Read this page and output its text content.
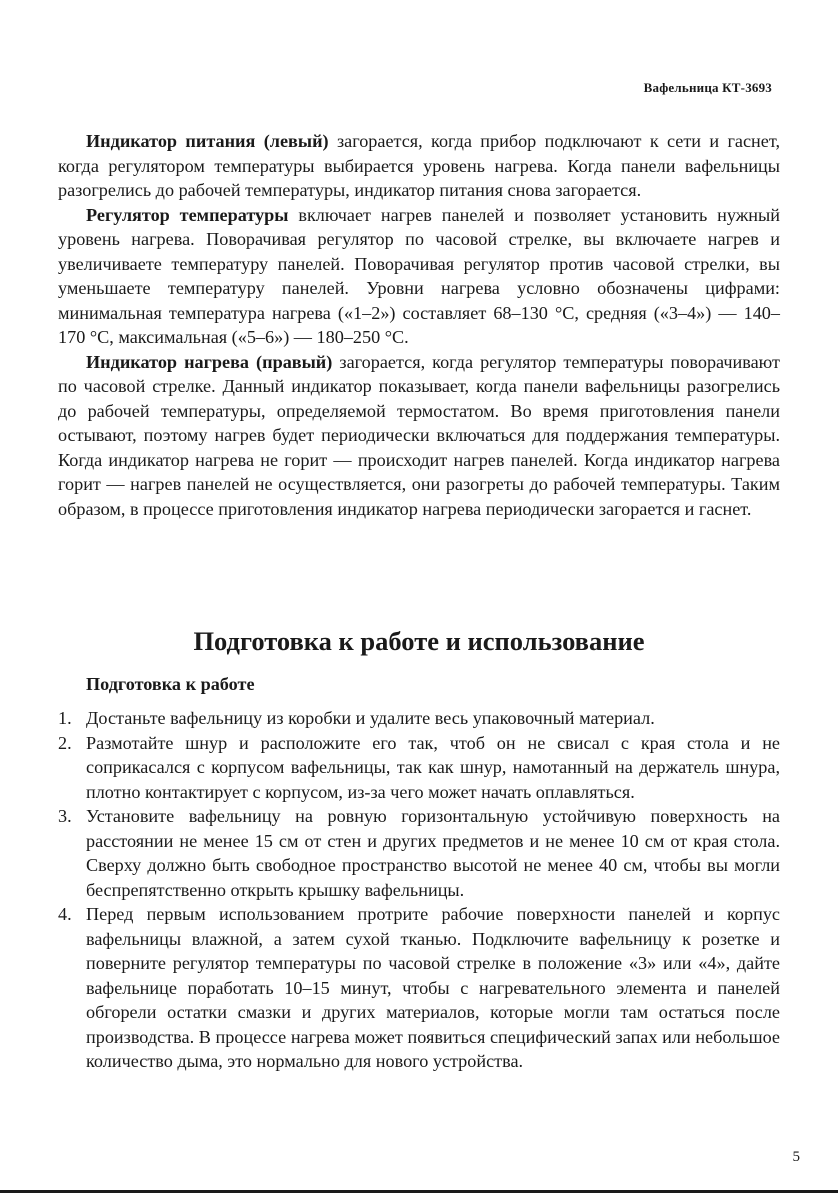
Вафельница КТ-3693

Индикатор питания (левый) загорается, когда прибор подключают к сети и гаснет, когда регулятором температуры выбирается уровень нагрева. Когда панели вафельницы разогрелись до рабочей температуры, индикатор питания снова загорается.

Регулятор температуры включает нагрев панелей и позволяет установить нужный уровень нагрева. Поворачивая регулятор по часовой стрелке, вы включаете нагрев и увеличиваете температуру панелей. Поворачивая регулятор против часовой стрелки, вы уменьшаете температуру панелей. Уровни нагрева условно обозначены цифрами: минимальная температура нагрева («1–2») составляет 68–130 °С, средняя («3–4») — 140–170 °С, максимальная («5–6») — 180–250 °С.

Индикатор нагрева (правый) загорается, когда регулятор температуры поворачивают по часовой стрелке. Данный индикатор показывает, когда панели вафельницы разогрелись до рабочей температуры, определяемой термостатом. Во время приготовления панели остывают, поэтому нагрев будет периодически включаться для поддержания температуры. Когда индикатор нагрева не горит — происходит нагрев панелей. Когда индикатор нагрева горит — нагрев панелей не осуществляется, они разогреты до рабочей температуры. Таким образом, в процессе приготовления индикатор нагрева периодически загорается и гаснет.

Подготовка к работе и использование
Подготовка к работе
1. Достаньте вафельницу из коробки и удалите весь упаковочный материал.
2. Размотайте шнур и расположите его так, чтоб он не свисал с края стола и не соприкасался с корпусом вафельницы, так как шнур, намотанный на держатель шнура, плотно контактирует с корпусом, из-за чего может начать оплавляться.
3. Установите вафельницу на ровную горизонтальную устойчивую поверхность на расстоянии не менее 15 см от стен и других предметов и не менее 10 см от края стола. Сверху должно быть свободное пространство высотой не менее 40 см, чтобы вы могли беспрепятственно открыть крышку вафельницы.
4. Перед первым использованием протрите рабочие поверхности панелей и корпус вафельницы влажной, а затем сухой тканью. Подключите вафельницу к розетке и поверните регулятор температуры по часовой стрелке в положение «3» или «4», дайте вафельнице поработать 10–15 минут, чтобы с нагревательного элемента и панелей обгорели остатки смазки и других материалов, которые могли там остаться после производства. В процессе нагрева может появиться специфический запах или небольшое количество дыма, это нормально для нового устройства.
5
